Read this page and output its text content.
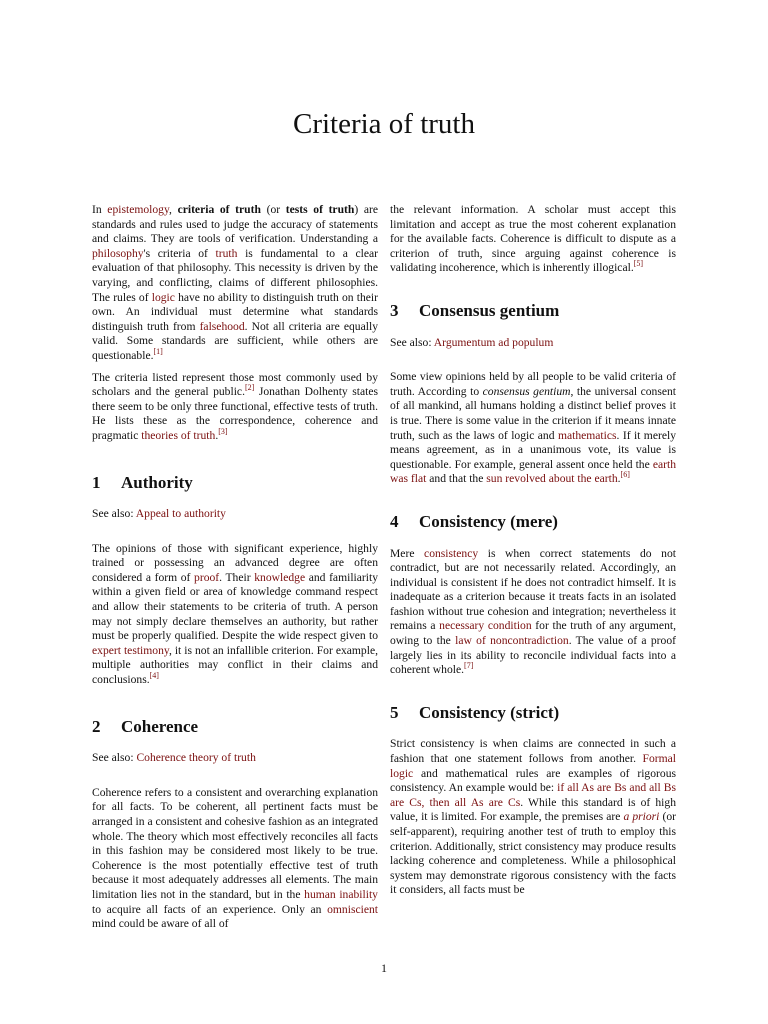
Criteria of truth

In epistemology, criteria of truth (or tests of truth) are standards and rules used to judge the accuracy of statements and claims. They are tools of verification. Understanding a philosophy's criteria of truth is fundamental to a clear evaluation of that philosophy. This necessity is driven by the varying, and conflicting, claims of different philosophies. The rules of logic have no ability to distinguish truth on their own. An individual must determine what standards distinguish truth from falsehood. Not all criteria are equally valid. Some standards are sufficient, while others are questionable.[1]

The criteria listed represent those most commonly used by scholars and the general public.[2] Jonathan Dolhenty states there seem to be only three functional, effective tests of truth. He lists these as the correspondence, coherence and pragmatic theories of truth.[3]

1 Authority

See also: Appeal to authority

The opinions of those with significant experience, highly trained or possessing an advanced degree are often considered a form of proof. Their knowledge and familiarity within a given field or area of knowledge command respect and allow their statements to be criteria of truth. A person may not simply declare themselves an authority, but rather must be properly qualified. Despite the wide respect given to expert testimony, it is not an infallible criterion. For example, multiple authorities may conflict in their claims and conclusions.[4]

2 Coherence

See also: Coherence theory of truth

Coherence refers to a consistent and overarching explanation for all facts. To be coherent, all pertinent facts must be arranged in a consistent and cohesive fashion as an integrated whole. The theory which most effectively reconciles all facts in this fashion may be considered most likely to be true. Coherence is the most potentially effective test of truth because it most adequately addresses all elements. The main limitation lies not in the standard, but in the human inability to acquire all facts of an experience. Only an omniscient mind could be aware of all of

the relevant information. A scholar must accept this limitation and accept as true the most coherent explanation for the available facts. Coherence is difficult to dispute as a criterion of truth, since arguing against coherence is validating incoherence, which is inherently illogical.[5]

3 Consensus gentium

See also: Argumentum ad populum

Some view opinions held by all people to be valid criteria of truth. According to consensus gentium, the universal consent of all mankind, all humans holding a distinct belief proves it is true. There is some value in the criterion if it means innate truth, such as the laws of logic and mathematics. If it merely means agreement, as in a unanimous vote, its value is questionable. For example, general assent once held the earth was flat and that the sun revolved about the earth.[6]

4 Consistency (mere)

Mere consistency is when correct statements do not contradict, but are not necessarily related. Accordingly, an individual is consistent if he does not contradict himself. It is inadequate as a criterion because it treats facts in an isolated fashion without true cohesion and integration; nevertheless it remains a necessary condition for the truth of any argument, owing to the law of noncontradiction. The value of a proof largely lies in its ability to reconcile individual facts into a coherent whole.[7]

5 Consistency (strict)

Strict consistency is when claims are connected in such a fashion that one statement follows from another. Formal logic and mathematical rules are examples of rigorous consistency. An example would be: if all As are Bs and all Bs are Cs, then all As are Cs. While this standard is of high value, it is limited. For example, the premises are a priori (or self-apparent), requiring another test of truth to employ this criterion. Additionally, strict consistency may produce results lacking coherence and completeness. While a philosophical system may demonstrate rigorous consistency with the facts it considers, all facts must be

1
